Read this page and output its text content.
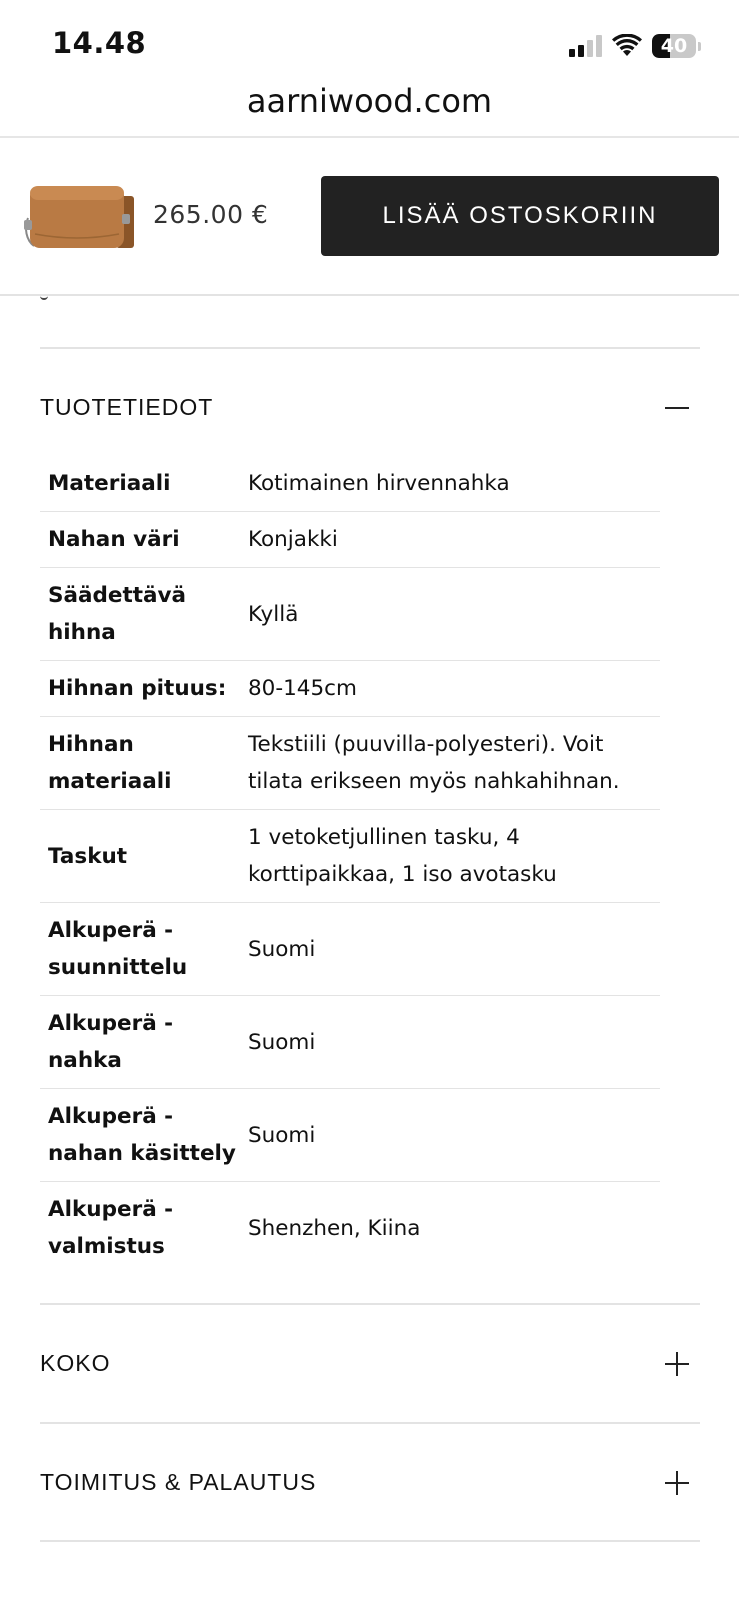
14.48	40
aarniwood.com
265.00 €	LISÄÄ OSTOSKORIIN
TUOTETIEDOT
Materiaali	Kotimainen hirvennahka
Nahan väri	Konjakki
Säädettävä hihna	Kyllä
Hihnan pituus:	80-145cm
Hihnan materiaali	Tekstiili (puuvilla-polyesteri). Voit tilata erikseen myös nahkahihnan.
Taskut	1 vetoketjullinen tasku, 4 korttipaikkaa, 1 iso avotasku
Alkuperä - suunnittelu	Suomi
Alkuperä - nahka	Suomi
Alkuperä - nahan käsittely	Suomi
Alkuperä - valmistus	Shenzhen, Kiina
KOKO
TOIMITUS & PALAUTUS
